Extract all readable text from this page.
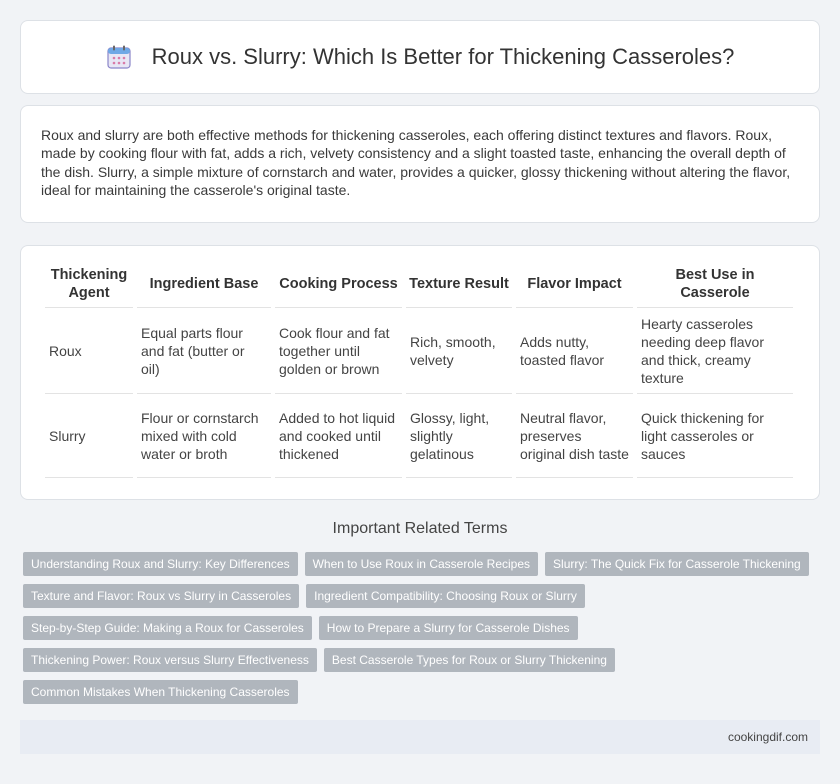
Roux vs. Slurry: Which Is Better for Thickening Casseroles?

Roux and slurry are both effective methods for thickening casseroles, each offering distinct textures and flavors. Roux, made by cooking flour with fat, adds a rich, velvety consistency and a slight toasted taste, enhancing the overall depth of the dish. Slurry, a simple mixture of cornstarch and water, provides a quicker, glossy thickening without altering the flavor, ideal for maintaining the casserole's original taste.

Thickening Agent	Ingredient Base	Cooking Process	Texture Result	Flavor Impact	Best Use in Casserole
Roux	Equal parts flour and fat (butter or oil)	Cook flour and fat together until golden or brown	Rich, smooth, velvety	Adds nutty, toasted flavor	Hearty casseroles needing deep flavor and thick, creamy texture
Slurry	Flour or cornstarch mixed with cold water or broth	Added to hot liquid and cooked until thickened	Glossy, light, slightly gelatinous	Neutral flavor, preserves original dish taste	Quick thickening for light casseroles or sauces
Important Related Terms
Understanding Roux and Slurry: Key Differences	When to Use Roux in Casserole Recipes	Slurry: The Quick Fix for Casserole Thickening
Texture and Flavor: Roux vs Slurry in Casseroles	Ingredient Compatibility: Choosing Roux or Slurry
Step-by-Step Guide: Making a Roux for Casseroles	How to Prepare a Slurry for Casserole Dishes
Thickening Power: Roux versus Slurry Effectiveness	Best Casserole Types for Roux or Slurry Thickening
Common Mistakes When Thickening Casseroles
cookingdif.com
